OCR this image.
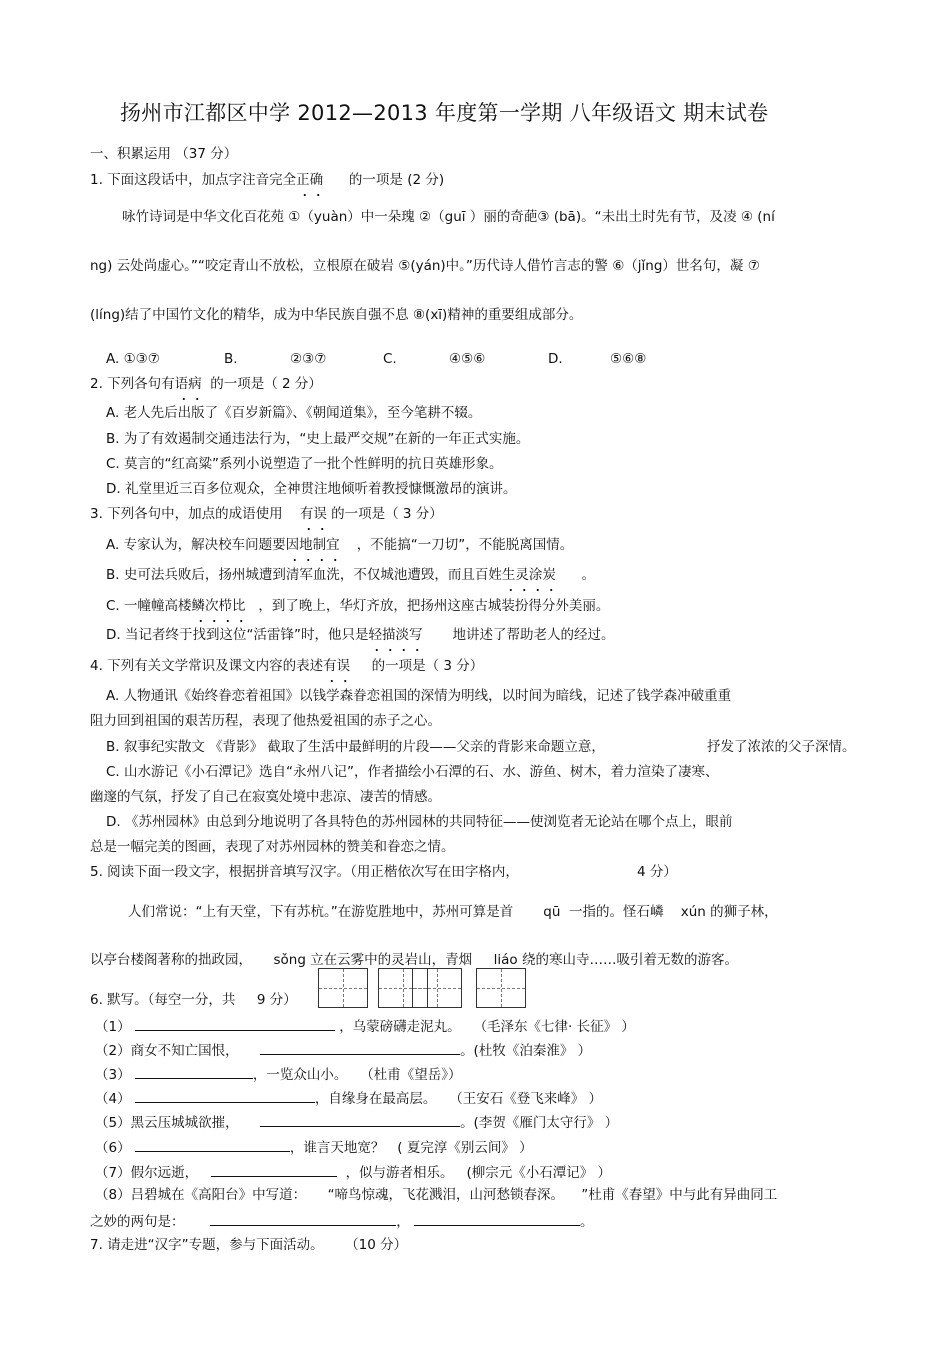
扬州市江都区中学 2012—2013 年度第一学期 八年级语文 期末试卷
一、积累运用 （37 分）
1. 下面这段话中，加点字注音完全正确 的一项是 (2 分)
咏竹诗词是中华文化百花苑 ①（yuàn）中一朵瑰 ②（guī ）丽的奇葩③ (bā)。“未出土时先有节，及凌 ④ (ní
ng) 云处尚虚心。”“咬定青山不放松，立根原在破岩 ⑤(yán)中。”历代诗人借竹言志的警 ⑥（jǐng）世名句，凝 ⑦
(líng)结了中国竹文化的精华，成为中华民族自强不息 ⑧(xī)精神的重要组成部分。
A. ①③⑦	B.	②③⑦	C.	④⑤⑥	D.	⑤⑥⑧
2. 下列各句有语病 的一项是（ 2 分）
A. 老人先后出版了《百岁新篇》、《朝闻道集》，至今笔耕不辍。
B. 为了有效遏制交通违法行为，“史上最严交规”在新的一年正式实施。
C. 莫言的“红高粱”系列小说塑造了一批个性鲜明的抗日英雄形象。
D. 礼堂里近三百多位观众，全神贯注地倾听着教授慷慨激昂的演讲。
3. 下列各句中，加点的成语使用 有误 的一项是（ 3 分）
A. 专家认为，解决校车问题要因地制宜 ，不能搞“一刀切”，不能脱离国情。
B. 史可法兵败后，扬州城遭到清军血洗，不仅城池遭毁，而且百姓生灵涂炭 。
C. 一幢幢高楼鳞次栉比 ，到了晚上，华灯齐放，把扬州这座古城装扮得分外美丽。
D. 当记者终于找到这位“活雷锋”时，他只是轻描淡写 地讲述了帮助老人的经过。
4. 下列有关文学常识及课文内容的表述有误 的一项是（ 3 分）
A. 人物通讯《始终眷恋着祖国》以钱学森眷恋祖国的深情为明线，以时间为暗线，记述了钱学森冲破重重
阻力回到祖国的艰苦历程，表现了他热爱祖国的赤子之心。
B. 叙事纪实散文 《背影》 截取了生活中最鲜明的片段——父亲的背影来命题立意，	抒发了浓浓的父子深情。
C. 山水游记《小石潭记》选自“永州八记”，作者描绘小石潭的石、水、游鱼、树木，着力渲染了凄寒、
幽邃的气氛，抒发了自己在寂寞处境中悲凉、凄苦的情感。
D. 《苏州园林》由总到分地说明了各具特色的苏州园林的共同特征——使浏览者无论站在哪个点上，眼前
总是一幅完美的图画，表现了对苏州园林的赞美和眷恋之情。
5. 阅读下面一段文字，根据拼音填写汉字。（用正楷依次写在田字格内，	4 分）
人们常说：“上有天堂，下有苏杭。”在游览胜地中，苏州可算是首 qū 一指的。怪石嶙 xún 的狮子林，
以亭台楼阁著称的拙政园， sǒng 立在云雾中的灵岩山，青烟 liáo 绕的寒山寺……吸引着无数的游客。
6. 默写。（每空一分，共 9 分）
（1）	，乌蒙磅礴走泥丸。 （毛泽东《七律· 长征》 ）
（2）商女不知亡国恨，	。(杜牧《泊秦淮》 ）
（3）	，一览众山小。 （杜甫《望岳》）
（4）	，自缘身在最高层。 （王安石《登飞来峰》 ）
（5）黑云压城城欲摧，	。(李贺《雁门太守行》 ）
（6）	，谁言天地宽？ ( 夏完淳《别云间》 ）
（7）假尔远逝，	，似与游者相乐。 (柳宗元《小石潭记》 ）
（8）吕碧城在《高阳台》中写道： “啼鸟惊魂，飞花溅泪，山河愁锁春深。 ”杜甫《春望》中与此有异曲同工
之妙的两句是：	，	。
7. 请走进“汉字”专题，参与下面活动。 （10 分）
